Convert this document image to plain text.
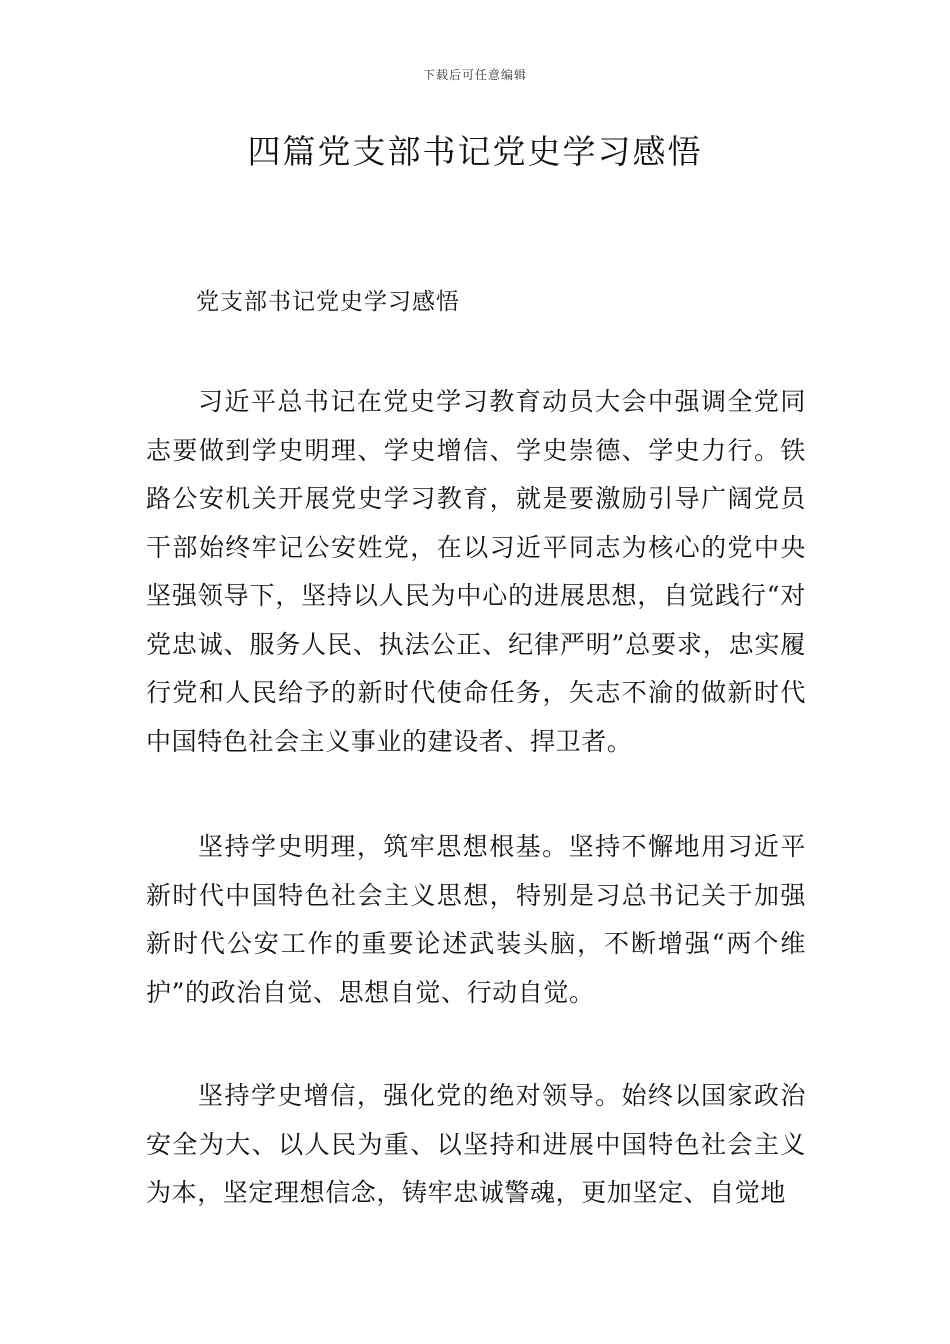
下载后可任意编辑
四篇党支部书记党史学习感悟

党支部书记党史学习感悟

习近平总书记在党史学习教育动员大会中强调全党同志要做到学史明理、学史增信、学史崇德、学史力行。铁路公安机关开展党史学习教育，就是要激励引导广阔党员干部始终牢记公安姓党，在以习近平同志为核心的党中央坚强领导下，坚持以人民为中心的进展思想，自觉践行“对党忠诚、服务人民、执法公正、纪律严明”总要求，忠实履行党和人民给予的新时代使命任务，矢志不渝的做新时代中国特色社会主义事业的建设者、捍卫者。

坚持学史明理，筑牢思想根基。坚持不懈地用习近平新时代中国特色社会主义思想，特别是习总书记关于加强新时代公安工作的重要论述武装头脑，不断增强“两个维护”的政治自觉、思想自觉、行动自觉。

坚持学史增信，强化党的绝对领导。始终以国家政治安全为大、以人民为重、以坚持和进展中国特色社会主义为本，坚定理想信念，铸牢忠诚警魂，更加坚定、自觉地
